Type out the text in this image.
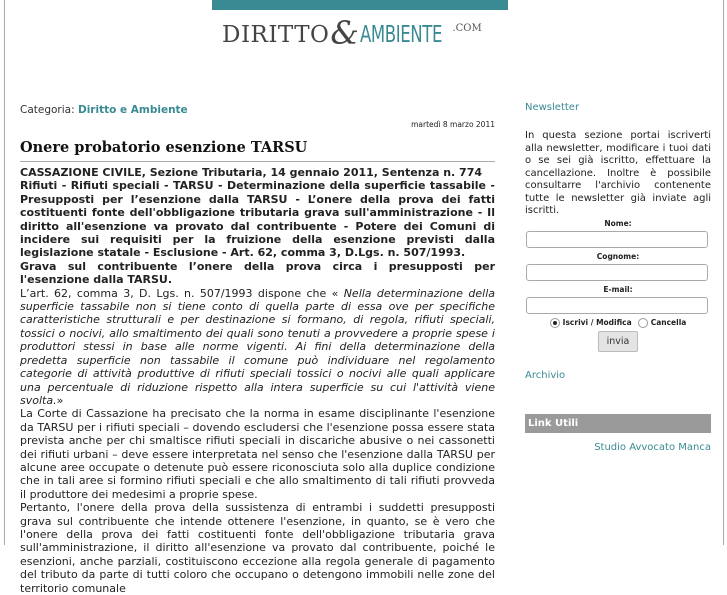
DIRITTO & AMBIENTE .COM
Categoria: Diritto e Ambiente
martedì 8 marzo 2011
Onere probatorio esenzione TARSU

CASSAZIONE CIVILE, Sezione Tributaria, 14 gennaio 2011, Sentenza n. 774

Rifiuti - Rifiuti speciali - TARSU - Determinazione della superficie tassabile - Presupposti per l’esenzione dalla TARSU - L’onere della prova dei fatti costituenti fonte dell'obbligazione tributaria grava sull'amministrazione - Il diritto all'esenzione va provato dal contribuente - Potere dei Comuni di incidere sui requisiti per la fruizione della esenzione previsti dalla legislazione statale - Esclusione - Art. 62, comma 3, D.Lgs. n. 507/1993.

Grava sul contribuente l’onere della prova circa i presupposti per l'esenzione dalla TARSU.

L’art. 62, comma 3, D. Lgs. n. 507/1993 dispone che « Nella determinazione della superficie tassabile non si tiene conto di quella parte di essa ove per specifiche caratteristiche strutturali e per destinazione si formano, di regola, rifiuti speciali, tossici o nocivi, allo smaltimento dei quali sono tenuti a provvedere a proprie spese i produttori stessi in base alle norme vigenti. Ai fini della determinazione della predetta superficie non tassabile il comune può individuare nel regolamento categorie di attività produttive di rifiuti speciali tossici o nocivi alle quali applicare una percentuale di riduzione rispetto alla intera superficie su cui l'attività viene svolta.»

La Corte di Cassazione ha precisato che la norma in esame disciplinante l'esenzione da TARSU per i rifiuti speciali – dovendo escludersi che l'esenzione possa essere stata prevista anche per chi smaltisce rifiuti speciali in discariche abusive o nei cassonetti dei rifiuti urbani – deve essere interpretata nel senso che l'esenzione dalla TARSU per alcune aree occupate o detenute può essere riconosciuta solo alla duplice condizione che in tali aree si formino rifiuti speciali e che allo smaltimento di tali rifiuti provveda il produttore dei medesimi a proprie spese.

Pertanto, l'onere della prova della sussistenza di entrambi i suddetti presupposti grava sul contribuente che intende ottenere l'esenzione, in quanto, se è vero che l'onere della prova dei fatti costituenti fonte dell'obbligazione tributaria grava sull'amministrazione, il diritto all'esenzione va provato dal contribuente, poiché le esenzioni, anche parziali, costituiscono eccezione alla regola generale di pagamento del tributo da parte di tutti coloro che occupano o detengono immobili nelle zone del territorio comunale

Newsletter
In questa sezione portai iscriverti alla newsletter, modificare i tuoi dati o se sei già iscritto, effettuare la cancellazione. Inoltre è possibile consultarre l'archivio contenente tutte le newsletter già inviate agli iscritti.
Nome:
Cognome:
E-mail:
Iscrivi / Modifica	Cancella
invia
Archivio
Link Utili
Studio Avvocato Manca
